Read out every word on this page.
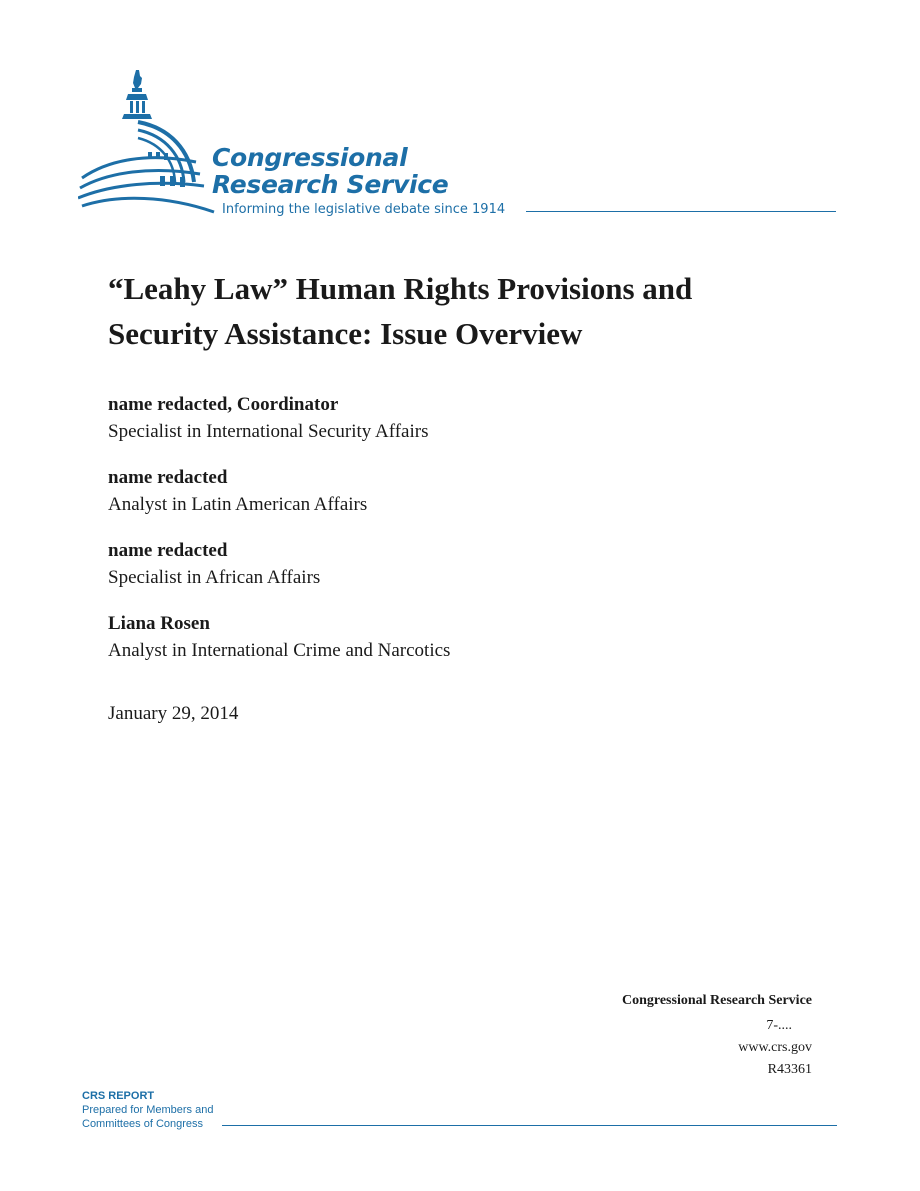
Congressional
Research Service
Informing the legislative debate since 1914
“Leahy Law” Human Rights Provisions and
Security Assistance: Issue Overview
name redacted, Coordinator
Specialist in International Security Affairs
name redacted
Analyst in Latin American Affairs
name redacted
Specialist in African Affairs
Liana Rosen
Analyst in International Crime and Narcotics
January 29, 2014
Congressional Research Service
7-....
www.crs.gov
R43361
CRS REPORT
Prepared for Members and
Committees of Congress
